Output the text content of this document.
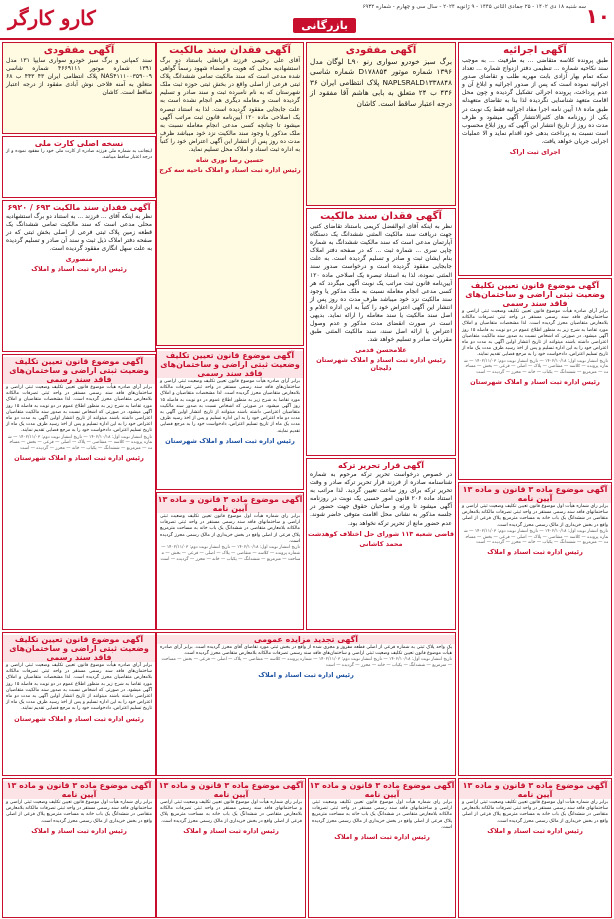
۱۰
سه شنبه ۱۸ دی ۱۴۰۲ - ۲۵ جمادی الثانی ۱۴۴۵ - ۹ ژانویه ۲۰۲۴ - سال سی و چهارم - شماره ۶۹۳۲
بازرگانی
کارو کارگر
آگهی اجرائیه
طبق پرونده کلاسه متقاضی ... به طرفیت ... به موجب سند نکاحیه شماره ... تنظیمی دفتر ازدواج شماره ... تعداد سکه تمام بهار آزادی بابت مهریه طلب و تقاضای صدور اجرائیه نموده است که پس از صدور اجرائیه و ابلاغ آن و عدم پرداخت، پرونده اجرائی تشکیل گردیده و چون محل اقامت متعهد شناسایی نگردیده لذا بنا به تقاضای متعهدله طبق ماده ۱۸ آیین نامه اجرا مفاد اجرائیه فقط یک نوبت در یکی از روزنامه های کثیرالانتشار آگهی میشود و ظرف مدت ده روز از تاریخ انتشار این آگهی که روز ابلاغ محسوب است نسبت به پرداخت بدهی خود اقدام نماید و الا عملیات اجرایی جریان خواهد یافت.
اجرای ثبت اراک
آگهی موضوع قانون تعیین تکلیف وضعیت ثبتی اراضی و ساختمان‌های فاقد سند رسمی
برابر آرای صادره هیأت موضوع قانون تعیین تکلیف وضعیت ثبتی اراضی و ساختمان‌های فاقد سند رسمی مستقر در واحد ثبتی تصرفات مالکانه بلامعارض متقاضیان محرز گردیده است. لذا مشخصات متقاضیان و املاک مورد تقاضا به شرح زیر به منظور اطلاع عموم در دو نوبت به فاصله ۱۵ روز آگهی میشود. در صورتی که اشخاص نسبت به صدور سند مالکیت متقاضیان اعتراضی داشته باشند میتوانند از تاریخ انتشار اولین آگهی به مدت دو ماه اعتراض خود را به این اداره تسلیم و پس از اخذ رسید ظرف مدت یک ماه از تاریخ تسلیم اعتراض، دادخواست خود را به مرجع قضایی تقدیم نمایند.
تاریخ انتشار نوبت اول: ۱۴۰۲/۱۰/۱۸ — تاریخ انتشار نوبت دوم: ۱۴۰۲/۱۱/۰۳ — شماره پرونده — کلاسه — متقاضی — پلاک — اصلی — فرعی — بخش — مساحت — مترمربع — ششدانگ — یکباب — خانه — محرز — گردیده — است
رئیس اداره ثبت اسناد و املاک شهرستان
آگهی مفقودی
برگ سبز خودرو سواری رنو L۹۰ لوگان مدل ۱۳۹۶ شماره موتور D۱۷۸۸۵۴ شماره شاسی NAPLSRALD۱۳۳۸۸۴۸ پلاک انتظامی ایران ۳۶ ۴۳۶ ب ۲۴ متعلق به بابی هاشم آقا مفقود از درجه اعتبار ساقط است. کاشان
آگهی فقدان سند مالکیت
نظر به اینکه آقای ابوالفضل کریمی باستناد تقاضای کتبی جهت دریافت سند مالکیت المثنی ششدانگ یک دستگاه آپارتمان مدعی است که سند مالکیت ششدانگ به شماره چاپی سری ... شماره ثبت ... که در صفحه دفتر املاک بنام ایشان ثبت و صادر و تسلیم گردیده است. به علت جابجایی مفقود گردیده است و درخواست صدور سند المثنی نموده، لذا به استناد تبصره یک اصلاحی ماده ۱۲۰ آیین‌نامه قانون ثبت مراتب یک نوبت آگهی میگردد که هر کسی مدعی انجام معامله نسبت به ملک مذکور یا وجود سند مالکیت نزد خود میباشد ظرف مدت ده روز پس از انتشار این آگهی اعتراض خود را کتباً به این اداره اعلام و اصل سند مالکیت یا سند معامله را ارائه نماید. بدیهی است در صورت انقضای مدت مذکور و عدم وصول اعتراض یا ارائه اصل سند، سند مالکیت المثنی طبق مقررات صادر و تسلیم خواهد شد.
غلامحسن قدمی
رئیس اداره ثبت اسناد و املاک شهرستان دلیجان
آگهی قرار تحریر ترکه
در خصوص درخواست تحریر ترکه مرحوم به شماره شناسنامه صادره از فرزند قرار تحریر ترکه صادر و وقت تحریر ترکه برای روز ساعت تعیین گردید. لذا مراتب به استناد ماده ۲۰۶ قانون امور حسبی یک نوبت در روزنامه آگهی میشود تا ورثه و صاحبان حقوق جهت حضور در جلسه مذکور به نشانی محل اقامت متوفی حاضر شوند. عدم حضور مانع از تحریر ترکه نخواهد بود.
قاضی شعبه ۱۱۳ شورای حل اختلاف کوهدشت
محمد کاشانی
آگهی فقدان سند مالکیت
آقای علی رحیمی فرزند قربانعلی باستناد دو برگ استشهادیه محلی که هویت و امضاء شهود رسماً گواهی شده مدعی است که سند مالکیت تمامی ششدانگ پلاک ثبتی فرعی از اصلی واقع در بخش ثبتی حوزه ثبت ملک شهرستان که به نام نامبرده ثبت و سند صادر و تسلیم گردیده است و معامله دیگری هم انجام نشده است به علت جابجایی مفقود گردیده است. لذا به استناد تبصره یک اصلاحی ماده ۱۲۰ آیین‌نامه قانون ثبت مراتب آگهی میشود تا چنانچه کسی مدعی انجام معامله نسبت به ملک مذکور یا وجود سند مالکیت نزد خود میباشد ظرف مدت ده روز پس از انتشار این آگهی اعتراض خود را کتباً به اداره ثبت اسناد و املاک محل تسلیم نماید.
حسین رضا نوری شاه
رئیس اداره ثبت اسناد و املاک ناحیه سه کرج
آگهی موضوع قانون تعیین تکلیف وضعیت ثبتی اراضی و ساختمان‌های فاقد سند رسمی
برابر آرای صادره هیأت موضوع قانون تعیین تکلیف وضعیت ثبتی اراضی و ساختمان‌های فاقد سند رسمی مستقر در واحد ثبتی تصرفات مالکانه بلامعارض متقاضیان محرز گردیده است. لذا مشخصات متقاضیان و املاک مورد تقاضا به شرح زیر به منظور اطلاع عموم در دو نوبت به فاصله ۱۵ روز آگهی میشود. در صورتی که اشخاص نسبت به صدور سند مالکیت متقاضیان اعتراضی داشته باشند میتوانند از تاریخ انتشار اولین آگهی به مدت دو ماه اعتراض خود را به این اداره تسلیم و پس از اخذ رسید ظرف مدت یک ماه از تاریخ تسلیم اعتراض، دادخواست خود را به مرجع قضایی تقدیم نمایند.
رئیس اداره ثبت اسناد و املاک شهرستان
آگهی موضوع ماده ۳ قانون و ماده ۱۳ آیین نامه
برابر رای شماره هیأت اول موضوع قانون تعیین تکلیف وضعیت ثبتی اراضی و ساختمانهای فاقد سند رسمی مستقر در واحد ثبتی تصرفات مالکانه بلامعارض متقاضی در ششدانگ یک باب خانه به مساحت مترمربع پلاک فرعی از اصلی واقع در بخش خریداری از مالک رسمی محرز گردیده است.
تاریخ انتشار نوبت اول: ۱۴۰۲/۱۰/۱۸ — تاریخ انتشار نوبت دوم: ۱۴۰۲/۱۱/۰۳ — شماره پرونده — کلاسه — متقاضی — پلاک — اصلی — فرعی — بخش — مساحت — مترمربع — ششدانگ — یکباب — خانه — محرز — گردیده — است
آگهی مفقودی
سند کمپانی و برگ سبز خودرو سواری سایپا ۱۳۱ مدل ۱۳۹۱ شماره موتور ۴۶۶۹۱۱۱ شماره شاسی NAS۴۱۱۱۰۰۳۵۹۰۰۹ پلاک انتظامی ایران ۴۳ ۴۴۳ ب ۶۸ متعلق به آمنه فلاحی نوش آبادی مفقود از درجه اعتبار ساقط است. کاشان
نسخه اصلی کارت ملی
اینجانب به شماره ملی فرزند صادره از کارت ملی خود را مفقود نموده و از درجه اعتبار ساقط میباشد.
آگهی فقدان سند مالکیت ۶۹۳ / ۶۹۲۰
نظر به اینکه آقای ... فرزند ... به استناد دو برگ استشهادیه محلی مدعی است که سند مالکیت تمامی ششدانگ یک قطعه زمین پلاک ثبتی فرعی از اصلی بخش ثبتی که در صفحه دفتر املاک ذیل ثبت و سند آن صادر و تسلیم گردیده به علت سهل انگاری مفقود گردیده است.
منصوری
رئیس اداره ثبت اسناد و املاک
آگهی موضوع قانون تعیین تکلیف وضعیت ثبتی اراضی و ساختمان‌های فاقد سند رسمی
برابر آرای صادره هیأت موضوع قانون تعیین تکلیف وضعیت ثبتی اراضی و ساختمان‌های فاقد سند رسمی مستقر در واحد ثبتی تصرفات مالکانه بلامعارض متقاضیان محرز گردیده است. لذا مشخصات متقاضیان و املاک مورد تقاضا به شرح زیر به منظور اطلاع عموم در دو نوبت به فاصله ۱۵ روز آگهی میشود. در صورتی که اشخاص نسبت به صدور سند مالکیت متقاضیان اعتراضی داشته باشند میتوانند از تاریخ انتشار اولین آگهی به مدت دو ماه اعتراض خود را به این اداره تسلیم و پس از اخذ رسید ظرف مدت یک ماه از تاریخ تسلیم اعتراض، دادخواست خود را به مرجع قضایی تقدیم نمایند.
تاریخ انتشار نوبت اول: ۱۴۰۲/۱۰/۱۸ — تاریخ انتشار نوبت دوم: ۱۴۰۲/۱۱/۰۳ — شماره پرونده — کلاسه — متقاضی — پلاک — اصلی — فرعی — بخش — مساحت — مترمربع — ششدانگ — یکباب — خانه — محرز — گردیده — است
رئیس اداره ثبت اسناد و املاک شهرستان
آگهی موضوع ماده ۳ قانون و ماده ۱۳ آیین نامه
برابر رای شماره هیأت اول موضوع قانون تعیین تکلیف وضعیت ثبتی اراضی و ساختمانهای فاقد سند رسمی مستقر در واحد ثبتی تصرفات مالکانه بلامعارض متقاضی در ششدانگ یک باب خانه به مساحت مترمربع پلاک فرعی از اصلی واقع در بخش خریداری از مالک رسمی محرز گردیده است.
تاریخ انتشار نوبت اول: ۱۴۰۲/۱۰/۱۸ — تاریخ انتشار نوبت دوم: ۱۴۰۲/۱۱/۰۳ — شماره پرونده — کلاسه — متقاضی — پلاک — اصلی — فرعی — بخش — مساحت — مترمربع — ششدانگ — یکباب — خانه — محرز — گردیده — است
رئیس اداره ثبت اسناد و املاک
آگهی تجدید مزایده عمومی
یک واحد پلاک ثبتی به شماره فرعی از اصلی قطعه مفروز و مجزی شده از واقع در بخش ثبتی مورد تقاضای آقای محرز گردیده است. برابر آرای صادره هیأت موضوع قانون تعیین تکلیف وضعیت ثبتی اراضی و ساختمان‌های فاقد سند رسمی تصرفات مالکانه بلامعارض متقاضی محرز گردیده است.
تاریخ انتشار نوبت اول: ۱۴۰۲/۱۰/۱۸ — تاریخ انتشار نوبت دوم: ۱۴۰۲/۱۱/۰۳ — شماره پرونده — کلاسه — متقاضی — پلاک — اصلی — فرعی — بخش — مساحت — مترمربع — ششدانگ — یکباب — خانه — محرز — گردیده — است
رئیس اداره ثبت اسناد و املاک
آگهی موضوع قانون تعیین تکلیف وضعیت ثبتی اراضی و ساختمان‌های فاقد سند رسمی
برابر آرای صادره هیأت موضوع قانون تعیین تکلیف وضعیت ثبتی اراضی و ساختمان‌های فاقد سند رسمی مستقر در واحد ثبتی تصرفات مالکانه بلامعارض متقاضیان محرز گردیده است. لذا مشخصات متقاضیان و املاک مورد تقاضا به شرح زیر به منظور اطلاع عموم در دو نوبت به فاصله ۱۵ روز آگهی میشود. در صورتی که اشخاص نسبت به صدور سند مالکیت متقاضیان اعتراضی داشته باشند میتوانند از تاریخ انتشار اولین آگهی به مدت دو ماه اعتراض خود را به این اداره تسلیم و پس از اخذ رسید ظرف مدت یک ماه از تاریخ تسلیم اعتراض، دادخواست خود را به مرجع قضایی تقدیم نمایند.
رئیس اداره ثبت اسناد و املاک شهرستان
آگهی موضوع ماده ۳ قانون و ماده ۱۳ آیین نامه
برابر رای شماره هیأت اول موضوع قانون تعیین تکلیف وضعیت ثبتی اراضی و ساختمانهای فاقد سند رسمی مستقر در واحد ثبتی تصرفات مالکانه بلامعارض متقاضی در ششدانگ یک باب خانه به مساحت مترمربع پلاک فرعی از اصلی واقع در بخش خریداری از مالک رسمی محرز گردیده است.
رئیس اداره ثبت اسناد و املاک
آگهی موضوع ماده ۳ قانون و ماده ۱۳ آیین نامه
برابر رای شماره هیأت اول موضوع قانون تعیین تکلیف وضعیت ثبتی اراضی و ساختمانهای فاقد سند رسمی مستقر در واحد ثبتی تصرفات مالکانه بلامعارض متقاضی در ششدانگ یک باب خانه به مساحت مترمربع پلاک فرعی از اصلی واقع در بخش خریداری از مالک رسمی محرز گردیده است.
رئیس اداره ثبت اسناد و املاک
آگهی موضوع ماده ۳ قانون و ماده ۱۳ آیین نامه
برابر رای شماره هیأت اول موضوع قانون تعیین تکلیف وضعیت ثبتی اراضی و ساختمانهای فاقد سند رسمی مستقر در واحد ثبتی تصرفات مالکانه بلامعارض متقاضی در ششدانگ یک باب خانه به مساحت مترمربع پلاک فرعی از اصلی واقع در بخش خریداری از مالک رسمی محرز گردیده است.
رئیس اداره ثبت اسناد و املاک
آگهی موضوع ماده ۳ قانون و ماده ۱۳ آیین نامه
برابر رای شماره هیأت اول موضوع قانون تعیین تکلیف وضعیت ثبتی اراضی و ساختمانهای فاقد سند رسمی مستقر در واحد ثبتی تصرفات مالکانه بلامعارض متقاضی در ششدانگ یک باب خانه به مساحت مترمربع پلاک فرعی از اصلی واقع در بخش خریداری از مالک رسمی محرز گردیده است.
رئیس اداره ثبت اسناد و املاک
